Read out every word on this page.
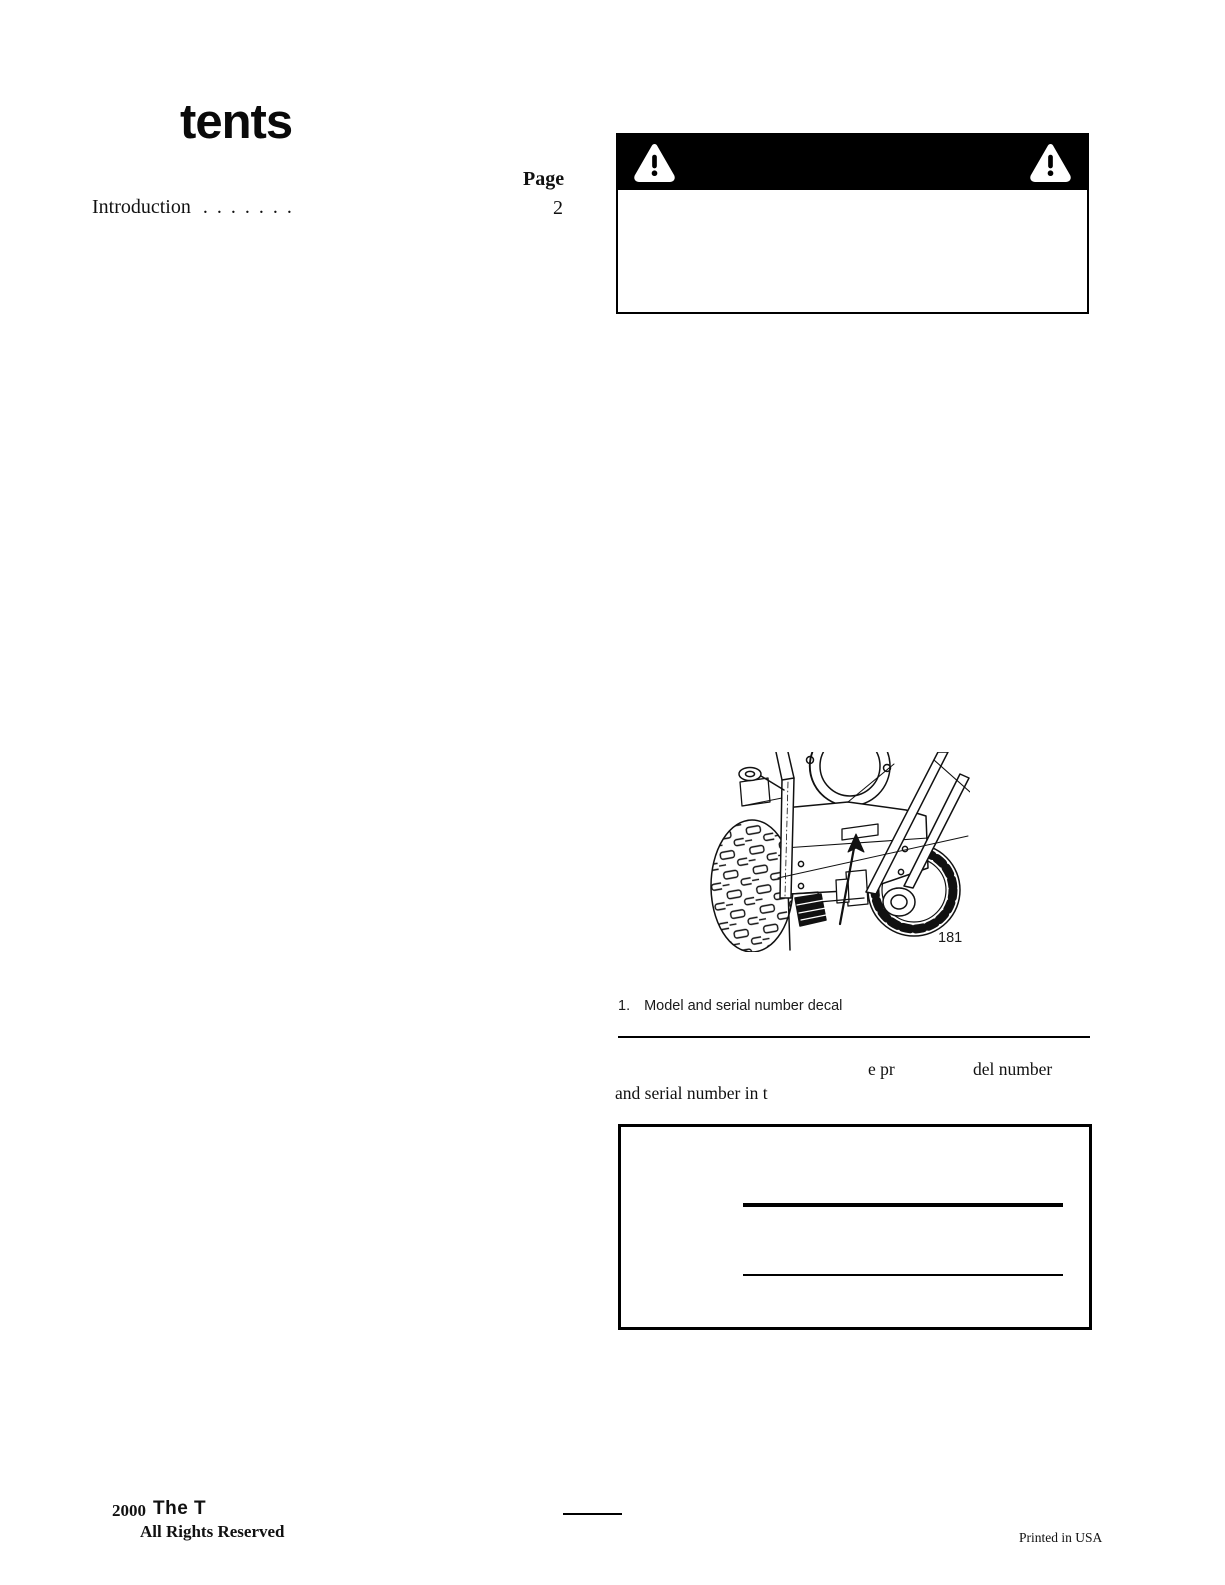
tents
Page
Introduction . . . . . . .	2
181
1. Model and serial number decal
e pr	del number
and serial number in t
2000 The T
All Rights Reserved	Printed in USA
